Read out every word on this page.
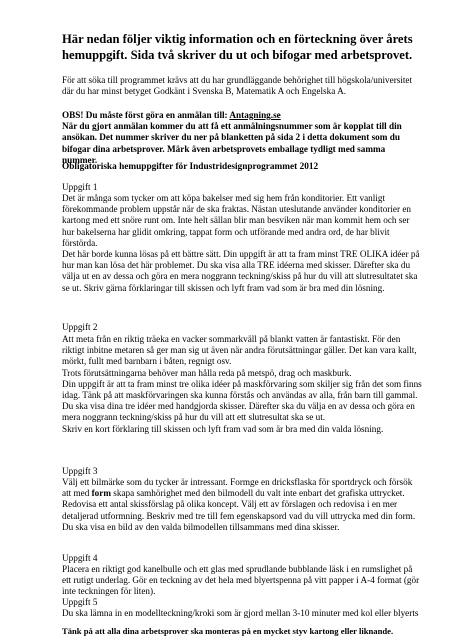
Här nedan följer viktig information och en förteckning över årets hemuppgift. Sida två skriver du ut och bifogar med arbetsprovet.

För att söka till programmet krävs att du har grundläggande behörighet till högskola/universitet där du har minst betyget Godkänt i Svenska B, Matematik A och Engelska A.

OBS! Du måste först göra en anmälan till: Antagning.se
När du gjort anmälan kommer du att få ett anmälningsnummer som är kopplat till din ansökan. Det nummer skriver du ner på blanketten på sida 2 i detta dokument som du bifogar dina arbetsprover. Märk även arbetsprovets emballage tydligt med samma nummer.

Obligatoriska hemuppgifter för Industridesignprogrammet 2012

Uppgift 1

Det är många som tycker om att köpa bakelser med sig hem från konditorier. Ett vanligt förekommande problem uppstår när de ska fraktas. Nästan uteslutande använder konditorier en kartong med ett snöre runt om. Inte helt sällan blir man besviken när man kommit hem och ser hur bakelserna har glidit omkring, tappat form och utförande med andra ord, de har blivit förstörda.
Det här borde kunna lösas på ett bättre sätt. Din uppgift är att ta fram minst TRE OLIKA idéer på hur man kan lösa det här problemet. Du ska visa alla TRE idéerna med skisser. Därefter ska du välja ut en av dessa och göra en mera noggrann teckning/skiss på hur du vill att slutresultatet ska se ut. Skriv gärna förklaringar till skissen och lyft fram vad som är bra med din lösning.

Uppgift 2

Att meta från en riktig träeka en vacker sommarkväll på blankt vatten är fantastiskt. För den riktigt inbitne metaren så ger man sig ut även när andra förutsättningar gäller. Det kan vara kallt, mörkt, fullt med barnbarn i båten, regnigt osv.
Trots förutsättningarna behöver man hålla reda på metspö, drag och maskburk.
Din uppgift är att ta fram minst tre olika idéer på maskförvaring som skiljer sig från det som finns idag. Tänk på att maskförvaringen ska kunna förstås och användas av alla, från barn till gammal.
Du ska visa dina tre idéer med handgjorda skisser. Därefter ska du välja en av dessa och göra en mera noggrann teckning/skiss på hur du vill att ett slutresultat ska se ut.
Skriv en kort förklaring till skissen och lyft fram vad som är bra med din valda lösning.

Uppgift 3

Välj ett bilmärke som du tycker är intressant. Formge en dricksflaska för sportdryck och försök att med form skapa samhörighet med den bilmodell du valt inte enbart det grafiska uttrycket.
Redovisa ett antal skissförslag på olika koncept. Välj ett av förslagen och redovisa i en mer detaljerad utformning. Beskriv med tre till fem egenskapsord vad du vill uttrycka med din form.
Du ska visa en bild av den valda bilmodellen tillsammans med dina skisser.

Uppgift 4

Placera en riktigt god kanelbulle och ett glas med sprudlande bubblande läsk i en rumslighet på ett rutigt underlag. Gör en teckning av det hela med blyertspenna på vitt papper i A-4 format (gör inte teckningen för liten).

Uppgift 5

Du ska lämna in en modellteckning/kroki som är gjord mellan 3-10 minuter med kol eller blyerts

Tänk på att alla dina arbetsprover ska monteras på en mycket styv kartong eller liknande.
